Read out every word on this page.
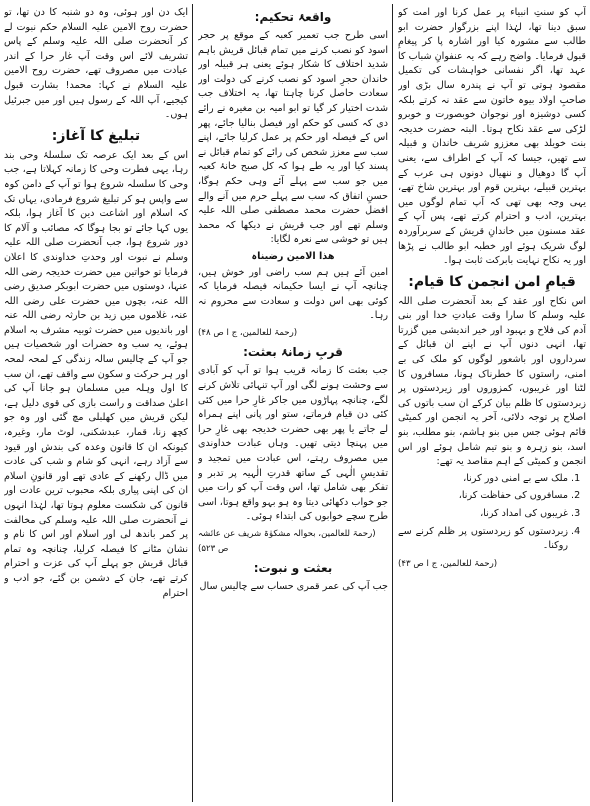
آپ کو سنتِ انبیاء پر عمل کرنا اور امت کو سبق دینا تھا، لہٰذا اپنے بزرگوار حضرت ابو طالب سے مشورہ کیا اور اشارہ پا کر پیغامِ قبول فرمایا۔ واضح رہے کہ یہ عنفوانِ شباب کا عہد تھا، اگر نفسانی خواہشات کی تکمیل مقصود ہوتی تو آپ نے پندرہ سال بڑی اور صاحبِ اولاد بیوہ خاتون سے عقد نہ کرتے بلکہ کسی دوشیزہ اور نوجوان خوبصورت و خوبرو لڑکی سے عقد نکاح ہوتا۔ البتہ حضرت خدیجہ بنت خویلد بھی معززو شریف خاندان و قبیلہ سے تھیں، جیسا کہ آپ کے اطراف سے، یعنی آپ گا دوھیال و ننھیال دونوں ہی عرب کے بہترین قبیلے، بہترین قوم اور بہترین شاخ تھے، یہی وجہ بھی تھی کہ آپ تمام لوگوں میں بہترین، ادب و احترام کرتے تھے، پس آپ کے عقد مسنون میں خاندانِ قریش کے سربرآوردہ لوگ شریک ہوئے اور خطبہ ابو طالب نے پڑھا اور یہ نکاح نہایت بابرکت ثابت ہوا۔

قیامِ امن انجمن کا قیام:

اس نکاح اور عقد کے بعد آنحضرت صلی اللہ علیہ وسلم کا سارا وقت عبادتِ خدا اور بنی آدم کی فلاح و بہبود اور خیر اندیشی میں گزرتا تھا، انہی دنوں آپ نے اپنے ان قبائل کے سرداروں اور باشعور لوگوں کو ملک کی بے امنی، راستوں کا خطرناک ہونا، مسافروں کا لٹنا اور غریبوں، کمزوروں اور زیردستوں پر زبردستوں کا ظلم بیان کرکے ان سب باتوں کی اصلاح پر توجہ دلائی، آخر یہ انجمن اور کمیٹی قائم ہوئی جس میں بنو ہاشم، بنو مطلب، بنو اسد، بنو زہرہ و بنو تیم شامل ہوئے اور اس انجمن و کمیٹی کے اہم مقاصد یہ تھے:

1. ملک سے بے امنی دور کرنا،
2. مسافروں کی حفاظت کرنا،
3. غریبوں کی امداد کرنا،
4. زبردستوں کو زیردستوں پر ظلم کرنے سے روکنا۔
(رحمۃ للعالمین، ج ا ص ۴۳)
واقعۂ تحکیم:

اسی طرح جب تعمیر کعبہ کے موقع پر حجر اسود کو نصب کرنے میں تمام قبائل قریش باہم شدید اختلاف کا شکار ہوئے یعنی ہر قبیلہ اور خاندان حجرِ اسود کو نصب کرنے کی دولت اور سعادت حاصل کرنا چاہتا تھا، یہ اختلاف جب شدت اختیار کر گیا تو ابو امیہ بن مغیرہ نے رائے دی کہ کسی کو حکم اور فیصل بنالیا جائے، پھر اس کے فیصلہ اور حکم پر عمل کرلیا جائے، اپنے سب سے معزز شخص کی رائے کو تمام قبائل نے پسند کیا اور یہ طے ہوا کہ کل صبح خانۂ کعبہ میں جو سب سے پہلے آئے وہی حکم ہوگا، حسنِ اتفاق کہ سب سے پہلے حرم میں آنے والے افضل حضرت محمد مصطفی صلی اللہ علیہ وسلم تھے اور جب قریش نے دیکھا کہ محمد ہیں تو خوشی سے نعرہ لگایا:

ھذا الامین رضیناہ

امین آئے ہیں ہم سب راضی اور خوش ہیں، چنانچہ آپ نے ایسا حکیمانہ فیصلہ فرمایا کہ کوئی بھی اس دولت و سعادت سے محروم نہ رہا۔

(رحمۃ للعالمین، ج ا ص ۴۸)
قربِ زمانۂ بعثت:

جب بعثت کا زمانہ قریب ہوا تو آپ کو آبادی سے وحشت ہونے لگی اور آپ تنہائی تلاش کرنے لگے، چنانچہ پہاڑوں میں جاکر غارِ حرا میں کئی کئی دن قیام فرماتے، ستو اور پانی اپنے ہمراہ لے جاتے یا پھر بھی حضرت خدیجہ بھی غارِ حرا میں پہنچا دیتی تھیں۔ وہاں عبادت خداوندی میں مصروف رہتے، اس عبادت میں تمجید و تقدیسِ الٰہی کے ساتھ قدرتِ الٰہیہ پر تدبر و تفکر بھی شامل تھا، اس وقت آپ کو رات میں جو خواب دکھائی دیتا وہ ہو بہو واقع ہوتا، اسی طرح سچے خوابوں کی ابتداء ہوئی۔

(رحمۃ للعالمین، بحوالہ مشکوٰۃ شریف عن عائشہ ص ۵۲۳)
بعثت و نبوت:

جب آپ کی عمر قمری حساب سے چالیس سال

ایک دن اور ہوئی، وہ دو شنبہ کا دن تھا، تو حضرت روح الامین علیہ السلام حکم نبوت لے کر آنحضرت صلی اللہ علیہ وسلم کے پاس تشریف لائے اس وقت آپ غار حرا کے اندر عبادت میں مصروف تھے، حضرت روح الامین علیہ السلام نے کہا: محمد! بشارت قبول کیجیے، آپ اللہ کے رسول ہیں اور میں جبرئیل ہوں۔

تبلیغ کا آغاز:

اس کے بعد ایک عرصہ تک سلسلۂ وحی بند رہا، یہی فطرت وحی کا زمانہ کہلاتا ہے، جب وحی کا سلسلہ شروع ہوا تو آپ کے دامن کوہ سے واپس ہو کر تبلیغ شروع فرمادی، یہاں تک کہ اسلام اور اشاعت دین کا آغاز ہوا، بلکہ یوں کہا جائے تو بجا ہوگا کہ مصائب و آلام کا دور شروع ہوا، جب آنحضرت صلی اللہ علیہ وسلم نے نبوت اور وحدتِ خداوندی کا اعلان فرمایا تو خواتین میں حضرت خدیجہ رضی اللہ عنہا، دوستوں میں حضرت ابوبکر صدیق رضی اللہ عنہ، بچوں میں حضرت علی رضی اللہ عنہ، غلاموں میں زید بن حارثہ رضی اللہ عنہ اور باندیوں میں حضرت ثوبیہ مشرف بہ اسلام ہوئے، یہ سب وہ حضرات اور شخصیات ہیں جو آپ کے چالیس سالہ زندگی کے لمحہ لمحہ اور ہر حرکت و سکون سے واقف تھے، ان سب کا اول وہلہ میں مسلمان ہو جانا آپ کی اعلیٰ صداقت و راست بازی کی قوی دلیل ہے، لیکن قریش میں کھلبلی مچ گئی اور وہ جو کچھ زنا، قمار، عبدشکنی، لوٹ مار، وغیرہ، کیونکہ ان کا قانون وعدہ کی بندش اور قیود سے آزاد رہے، انہی کو شام و شب کی عادت میں ڈال رکھنے کے عادی تھے اور قانونِ اسلام ان کی اپنی پیاری بلکہ محبوب ترین عادت اور قانون کی شکست معلوم ہوتا تھا، لہٰذا انہوں نے آنحضرت صلی اللہ علیہ وسلم کی مخالفت پر کمر باندھ لی اور اسلام اور اس کا نام و نشان مٹانے کا فیصلہ کرلیا، چنانچہ وہ تمام قبائل قریش جو پہلے آپ کی عزت و احترام کرتے تھے، جان کے دشمن بن گئے، جو ادب و احترام
